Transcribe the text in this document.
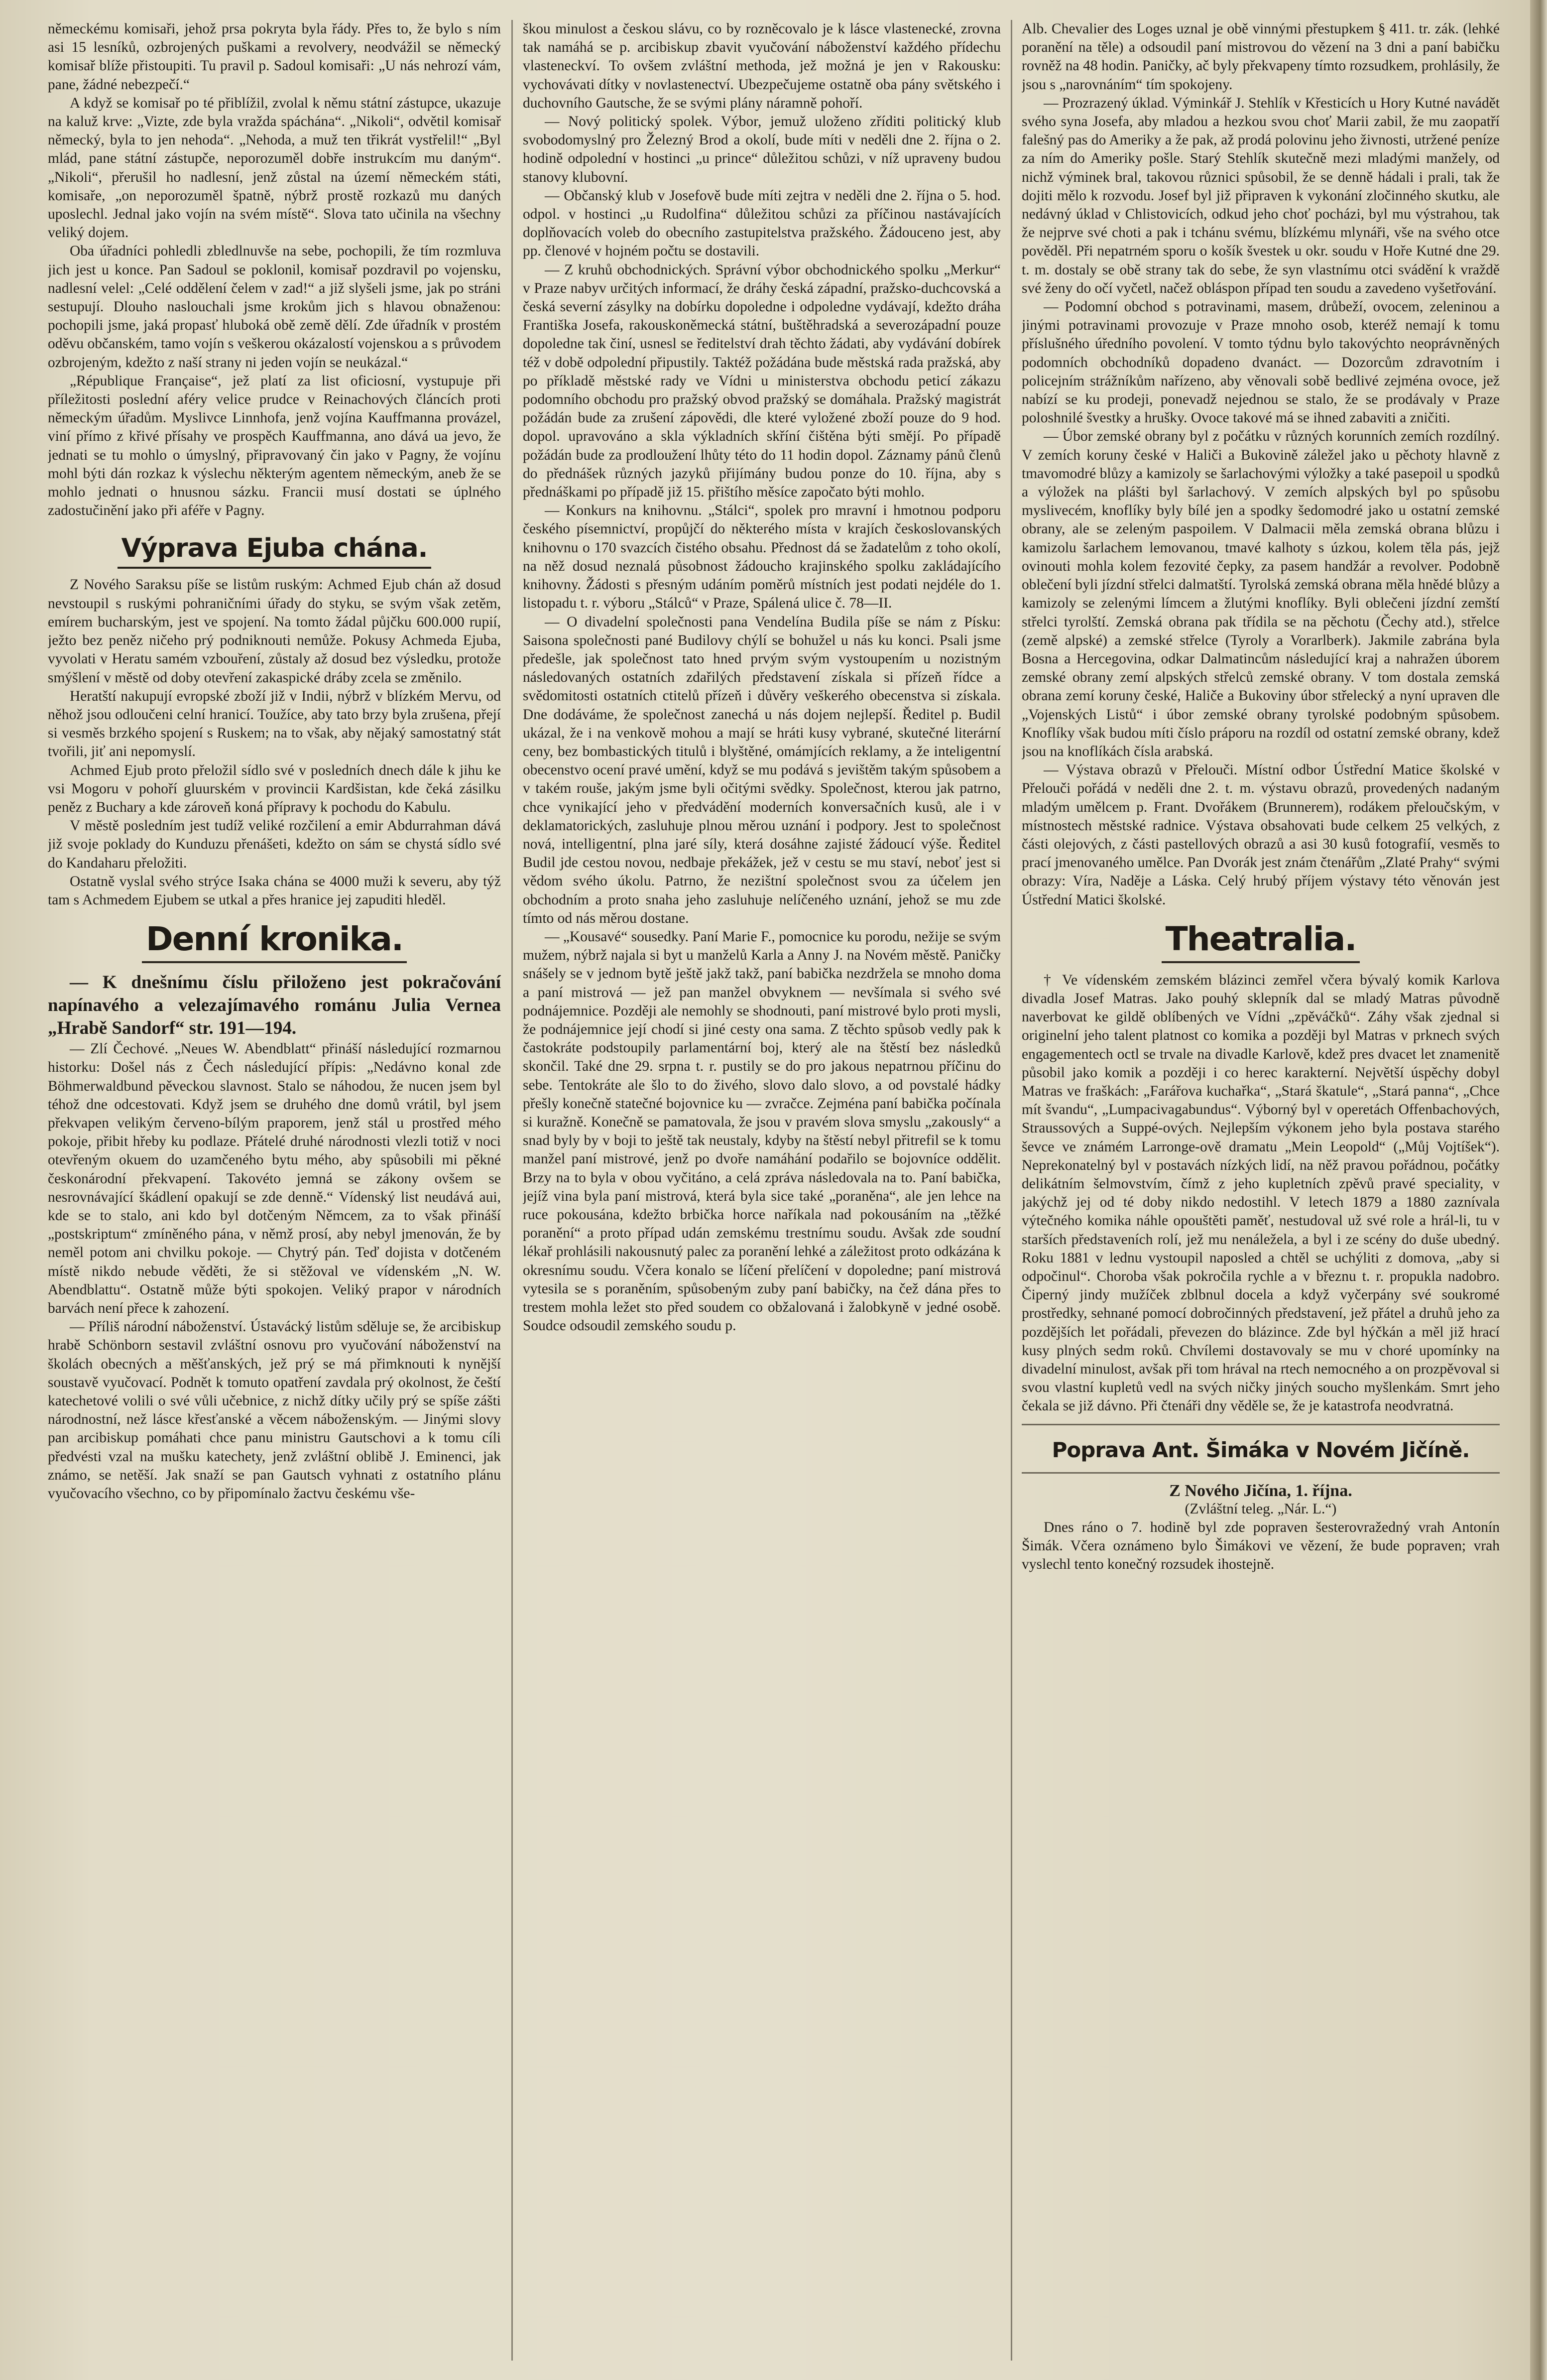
německému komisaři, jehož prsa pokryta byla řády. Přes to, že bylo s ním asi 15 lesníků, ozbrojených puškami a revolvery, neodvážil se německý komisař blíže přistoupiti. Tu pravil p. Sadoul komisaři: „U nás nehrozí vám, pane, žádné nebezpečí.“

A když se komisař po té přiblížil, zvolal k němu státní zástupce, ukazuje na kaluž krve: „Vizte, zde byla vražda spáchána“. „Nikoli“, odvětil komisař německý, byla to jen nehoda“. „Nehoda, a muž ten třikrát vystřelil!“ „Byl mlád, pane státní zástupče, neporozuměl dobře instrukcím mu daným“. „Nikoli“, přerušil ho nadlesní, jenž zůstal na území německém státi, komisaře, „on neporozuměl špatně, nýbrž prostě rozkazů mu daných uposlechl. Jednal jako vojín na svém místě“. Slova tato učinila na všechny veliký dojem.

Oba úřadníci pohledli zbledlnuvše na sebe, pochopili, že tím rozmluva jich jest u konce. Pan Sadoul se poklonil, komisař pozdravil po vojensku, nadlesní velel: „Celé oddělení čelem v zad!“ a již slyšeli jsme, jak po stráni sestupují. Dlouho naslouchali jsme krokům jich s hlavou obnaženou: pochopili jsme, jaká propasť hluboká obě země dělí. Zde úřadník v prostém oděvu občanském, tamo vojín s veškerou okázalostí vojenskou a s průvodem ozbrojeným, kdežto z naší strany ni jeden vojín se neukázal.“

„République Française“, jež platí za list oficiosní, vystupuje při příležitosti poslední aféry velice prudce v Reinachových článcích proti německým úřadům. Myslivce Linnhofa, jenž vojína Kauffmanna provázel, viní přímo z křivé přísahy ve prospěch Kauffmanna, ano dává ua jevo, že jednati se tu mohlo o úmyslný, připravovaný čin jako v Pagny, že vojínu mohl býti dán rozkaz k výslechu některým agentem německým, aneb že se mohlo jednati o hnusnou sázku. Francii musí dostati se úplného zadostučinění jako při aféře v Pagny.

Výprava Ejuba chána.

Z Nového Saraksu píše se listům ruským: Achmed Ejub chán až dosud nevstoupil s ruskými pohraničními úřady do styku, se svým však zetěm, emírem bucharským, jest ve spojení. Na tomto žádal půjčku 600.000 rupií, ježto bez peněz ničeho prý podniknouti nemůže. Pokusy Achmeda Ejuba, vyvolati v Heratu samém vzbouření, zůstaly až dosud bez výsledku, protože smýšlení v městě od doby otevření zakaspické dráby zcela se změnilo.

Heratští nakupují evropské zboží již v Indii, nýbrž v blízkém Mervu, od něhož jsou odloučeni celní hranicí. Toužíce, aby tato brzy byla zrušena, přejí si vesměs brzkého spojení s Ruskem; na to však, aby nějaký samostatný stát tvořili, jiť ani nepomyslí.

Achmed Ejub proto přeložil sídlo své v posledních dnech dále k jihu ke vsi Mogoru v pohoří gluurském v provincii Kardšistan, kde čeká zásilku peněz z Buchary a kde zároveň koná přípravy k pochodu do Kabulu.

V městě posledním jest tudíž veliké rozčilení a emir Abdurrahman dává již svoje poklady do Kunduzu přenášeti, kdežto on sám se chystá sídlo své do Kandaharu přeložiti.

Ostatně vyslal svého strýce Isaka chána se 4000 muži k severu, aby týž tam s Achmedem Ejubem se utkal a přes hranice jej zapuditi hleděl.

Denní kronika.

— K dnešnímu číslu přiloženo jest pokračování napínavého a velezajímavého románu Julia Vernea „Hrabě Sandorf“ str. 191—194.

— Zlí Čechové. „Neues W. Abendblatt“ přináší následující rozmarnou historku: Došel nás z Čech následující přípis: „Nedávno konal zde Böhmerwaldbund pěveckou slavnost. Stalo se náhodou, že nucen jsem byl téhož dne odcestovati. Když jsem se druhého dne domů vrátil, byl jsem překvapen velikým červeno-bílým praporem, jenž stál u prostřed mého pokoje, přibit hřeby ku podlaze. Přátelé druhé národnosti vlezli totiž v noci otevřeným okuem do uzamčeného bytu mého, aby spůsobili mi pěkné českonárodní překvapení. Takovéto jemná se zákony ovšem se nesrovnávající škádlení opakují se zde denně.“ Vídenský list neudává aui, kde se to stalo, ani kdo byl dotčeným Němcem, za to však přináší „postskriptum“ zmíněného pána, v němž prosí, aby nebyl jmenován, že by neměl potom ani chvilku pokoje. — Chytrý pán. Teď dojista v dotčeném místě nikdo nebude věděti, že si stěžoval ve vídenském „N. W. Abendblattu“. Ostatně může býti spokojen. Veliký prapor v národních barvách není přece k zahození.

— Příliš národní náboženství. Ústavácký listům sděluje se, že arcibiskup hrabě Schönborn sestavil zvláštní osnovu pro vyučování náboženství na školách obecných a měšťanských, jež prý se má přimknouti k nynější soustavě vyučovací. Podnět k tomuto opatření zavdala prý okolnost, že čeští katechetové volili o své vůli učebnice, z nichž dítky učily prý se spíše zášti národnostní, než lásce křesťanské a věcem náboženským. — Jinými slovy pan arcibiskup pomáhati chce panu ministru Gautschovi a k tomu cíli předvésti vzal na mušku katechety, jenž zvláštní oblibě J. Eminenci, jak známo, se netěší. Jak snaží se pan Gautsch vyhnati z ostatního plánu vyučovacího všechno, co by připomínalo žactvu českému vše-

škou minulost a českou slávu, co by rozněcovalo je k lásce vlastenecké, zrovna tak namáhá se p. arcibiskup zbavit vyučování náboženství každého přídechu vlasteneckví. To ovšem zvláštní methoda, jež možná je jen v Rakousku: vychovávati dítky v novlastenectví. Ubezpečujeme ostatně oba pány světského i duchovního Gautsche, že se svými plány náramně pohoří.

— Nový politický spolek. Výbor, jemuž uloženo zříditi politický klub svobodomyslný pro Železný Brod a okolí, bude míti v neděli dne 2. října o 2. hodině odpolední v hostinci „u prince“ důležitou schůzi, v níž upraveny budou stanovy klubovní.

— Občanský klub v Josefově bude míti zejtra v neděli dne 2. října o 5. hod. odpol. v hostinci „u Rudolfina“ důležitou schůzi za příčinou nastávajících doplňovacích voleb do obecního zastupitelstva pražského. Žádouceno jest, aby pp. členové v hojném počtu se dostavili.

— Z kruhů obchodnických. Správní výbor obchodnického spolku „Merkur“ v Praze nabyv určitých informací, že dráhy česká západní, pražsko-duchcovská a česká severní zásylky na dobírku dopoledne i odpoledne vydávají, kdežto dráha Františka Josefa, rakouskoněmecká státní, buštěhradská a severozápadní pouze dopoledne tak činí, usnesl se ředitelství drah těchto žádati, aby vydávání dobírek též v době odpolední připustily. Taktéž požádána bude městská rada pražská, aby po příkladě městské rady ve Vídni u ministerstva obchodu peticí zákazu podomního obchodu pro pražský obvod pražský se domáhala. Pražský magistrát požádán bude za zrušení zápovědi, dle které vyložené zboží pouze do 9 hod. dopol. upravováno a skla výkladních skříní čištěna býti smějí. Po případě požádán bude za prodloužení lhůty této do 11 hodin dopol. Záznamy pánů členů do přednášek různých jazyků přijímány budou ponze do 10. října, aby s přednáškami po případě již 15. přištího měsíce započato býti mohlo.

— Konkurs na knihovnu. „Stálci“, spolek pro mravní i hmotnou podporu českého písemnictví, propůjčí do některého místa v krajích českoslovanských knihovnu o 170 svazcích čistého obsahu. Přednost dá se žadatelům z toho okolí, na něž dosud neznalá působnost žádoucho krajinského spolku zakládajícího knihovny. Žádosti s přesným udáním poměrů místních jest podati nejdéle do 1. listopadu t. r. výboru „Stálců“ v Praze, Spálená ulice č. 78—II.

— O divadelní společnosti pana Vendelína Budila píše se nám z Písku: Saisona společnosti pané Budilovy chýlí se bohužel u nás ku konci. Psali jsme předešle, jak společnost tato hned prvým svým vystoupením u nozistným následovaných ostatních zdařilých představení získala si přízeň řídce a svědomitosti ostatních ctitelů přízeň i důvěry veškerého obecenstva si získala. Dne dodáváme, že společnost zanechá u nás dojem nejlepší. Ředitel p. Budil ukázal, že i na venkově mohou a mají se hráti kusy vybrané, skutečné literární ceny, bez bombastických titulů i blyštěné, omámjících reklamy, a že inteligentní obecenstvo ocení pravé umění, když se mu podává s jevištěm takým spůsobem a v takém rouše, jakým jsme byli očitými svědky. Společnost, kterou jak patrno, chce vynikající jeho v předvádění moderních konversačních kusů, ale i v deklamatorických, zasluhuje plnou měrou uznání i podpory. Jest to společnost nová, intelligentní, plna jaré síly, která dosáhne zajisté žádoucí výše. Ředitel Budil jde cestou novou, nedbaje překážek, jež v cestu se mu staví, neboť jest si vědom svého úkolu. Patrno, že nezištní společnost svou za účelem jen obchodním a proto snaha jeho zasluhuje nelíčeného uznání, jehož se mu zde tímto od nás měrou dostane.

— „Kousavé“ sousedky. Paní Marie F., pomocnice ku porodu, nežije se svým mužem, nýbrž najala si byt u manželů Karla a Anny J. na Novém městě. Paničky snášely se v jednom bytě ještě jakž takž, paní babička nezdržela se mnoho doma a paní mistrová — jež pan manžel obvyknem — nevšímala si svého své podnájemnice. Později ale nemohly se shodnouti, paní mistrové bylo proti mysli, že podnájemnice její chodí si jiné cesty ona sama. Z těchto spůsob vedly pak k častokráte podstoupily parlamentární boj, který ale na štěstí bez následků skončil. Také dne 29. srpna t. r. pustily se do pro jakous nepatrnou příčinu do sebe. Tentokráte ale šlo to do živého, slovo dalo slovo, a od povstalé hádky přešly konečně statečné bojovnice ku — zvračce. Zejména paní babička počínala si kuražně. Konečně se pamatovala, že jsou v pravém slova smyslu „zakously“ a snad byly by v boji to ještě tak neustaly, kdyby na štěstí nebyl přitrefil se k tomu manžel paní mistrové, jenž po dvoře namáhání podařilo se bojovníce oddělit. Brzy na to byla v obou vyčitáno, a celá zpráva následovala na to. Paní babička, jejíž vina byla paní mistrová, která byla sice také „poraněna“, ale jen lehce na ruce pokousána, kdežto brbička horce naříkala nad pokousáním na „těžké poranění“ a proto případ udán zemskému trestnímu soudu. Avšak zde soudní lékař prohlásili nakousnutý palec za poranění lehké a záležitost proto odkázána k okresnímu soudu. Včera konalo se líčení přelíčení v dopoledne; paní mistrová vytesila se s poraněním, spůsobeným zuby paní babičky, na čež dána přes to trestem mohla ležet sto před soudem co obžalovaná i žalobkyně v jedné osobě. Soudce odsoudil zemského soudu p.

Alb. Chevalier des Loges uznal je obě vinnými přestupkem § 411. tr. zák. (lehké poranění na těle) a odsoudil paní mistrovou do vězení na 3 dni a paní babičku rovněž na 48 hodin. Paničky, ač byly překvapeny tímto rozsudkem, prohlásily, že jsou s „narovnáním“ tím spokojeny.

— Prozrazený úklad. Výminkář J. Stehlík v Křesticích u Hory Kutné navádět svého syna Josefa, aby mladou a hezkou svou choť Marii zabil, že mu zaopatří falešný pas do Ameriky a že pak, až prodá polovinu jeho živnosti, utržené peníze za ním do Ameriky pošle. Starý Stehlík skutečně mezi mladými manžely, od nichž výminek bral, takovou různici spůsobil, že se denně hádali i prali, tak že dojiti mělo k rozvodu. Josef byl již připraven k vykonání zločinného skutku, ale nedávný úklad v Chlistovicích, odkud jeho choť pocházi, byl mu výstrahou, tak že nejprve své choti a pak i tchánu svému, blízkému mlynáři, vše na svého otce pověděl. Při nepatrném sporu o košík švestek u okr. soudu v Hoře Kutné dne 29. t. m. dostaly se obě strany tak do sebe, že syn vlastnímu otci svádění k vraždě své ženy do očí vyčetl, načež obláspon případ ten soudu a zavedeno vyšetřování.

— Podomní obchod s potravinami, masem, drůbeží, ovocem, zeleninou a jinými potravinami provozuje v Praze mnoho osob, kteréž nemají k tomu příslušného úředního povolení. V tomto týdnu bylo takovýchto neoprávněných podomních obchodníků dopadeno dvanáct. — Dozorcům zdravotním i policejním strážníkům nařízeno, aby věnovali sobě bedlivé zejména ovoce, jež nabízí se ku prodeji, ponevadž nejednou se stalo, že se prodávaly v Praze poloshnilé švestky a hrušky. Ovoce takové má se ihned zabaviti a zničiti.

— Úbor zemské obrany byl z počátku v různých korunních zemích rozdílný. V zemích koruny české v Haliči a Bukovině záležel jako u pěchoty hlavně z tmavomodré blůzy a kamizoly se šarlachovými výložky a také pasepoil u spodků a výložek na plášti byl šarlachový. V zemích alpských byl po spůsobu myslivecém, knoflíky byly bílé jen a spodky šedomodré jako u ostatní zemské obrany, ale se zeleným paspoilem. V Dalmacii měla zemská obrana blůzu i kamizolu šarlachem lemovanou, tmavé kalhoty s úzkou, kolem těla pás, jejž ovinouti mohla kolem fezovité čepky, za pasem handžár a revolver. Podobně oblečení byli jízdní střelci dalmatští. Tyrolská zemská obrana měla hnědé blůzy a kamizoly se zelenými límcem a žlutými knoflíky. Byli oblečeni jízdní zemští střelci tyrolští. Zemská obrana pak třídila se na pěchotu (Čechy atd.), střelce (země alpské) a zemské střelce (Tyroly a Vorarlberk). Jakmile zabrána byla Bosna a Hercegovina, odkar Dalmatincům následující kraj a nahražen úborem zemské obrany zemí alpských střelců zemské obrany. V tom dostala zemská obrana zemí koruny české, Haliče a Bukoviny úbor střelecký a nyní upraven dle „Vojenských Listů“ i úbor zemské obrany tyrolské podobným spůsobem. Knoflíky však budou míti číslo práporu na rozdíl od ostatní zemské obrany, kdež jsou na knoflíkách čísla arabská.

— Výstava obrazů v Přelouči. Místní odbor Ústřední Matice školské v Přelouči pořádá v neděli dne 2. t. m. výstavu obrazů, provedených nadaným mladým umělcem p. Frant. Dvořákem (Brunnerem), rodákem přeloučským, v místnostech městské radnice. Výstava obsahovati bude celkem 25 velkých, z části olejových, z části pastellových obrazů a asi 30 kusů fotografií, vesměs to prací jmenovaného umělce. Pan Dvorák jest znám čtenářům „Zlaté Prahy“ svými obrazy: Víra, Naděje a Láska. Celý hrubý příjem výstavy této věnován jest Ústřední Matici školské.

Theatralia.

† Ve vídenském zemském blázinci zemřel včera bývalý komik Karlova divadla Josef Matras. Jako pouhý sklepník dal se mladý Matras původně naverbovat ke gildě oblíbených ve Vídni „zpěváčků“. Záhy však zjednal si originelní jeho talent platnost co komika a později byl Matras v prknech svých engagementech octl se trvale na divadle Karlově, kdež pres dvacet let znamenitě působil jako komik a později i co herec karakterní. Největší úspěchy dobyl Matras ve fraškách: „Farářova kuchařka“, „Stará škatule“, „Stará panna“, „Chce mít švandu“, „Lumpacivagabundus“. Výborný byl v operetách Offenbachových, Straussových a Suppé-ových. Nejlepším výkonem jeho byla postava starého ševce ve známém Larronge-ově dramatu „Mein Leopold“ („Můj Vojtíšek“). Neprekonatelný byl v postavách nízkých lidí, na něž pravou pořádnou, počátky delikátním šelmovstvím, čímž z jeho kupletních zpěvů pravé speciality, v jakýchž jej od té doby nikdo nedostihl. V letech 1879 a 1880 zaznívala výtečného komika náhle opouštěti paměť, nestudoval už své role a hrál-li, tu v starších představeních rolí, jež mu nenáležela, a byl i ze scény do duše ubedný. Roku 1881 v lednu vystoupil naposled a chtěl se uchýliti z domova, „aby si odpočinul“. Choroba však pokročila rychle a v březnu t. r. propukla nadobro. Čiperný jindy mužíček zblbnul docela a když vyčerpány své soukromé prostředky, sehnané pomocí dobročinných představení, jež přátel a druhů jeho za pozdějších let pořádali, převezen do blázince. Zde byl hýčkán a měl již hrací kusy plných sedm roků. Chvílemi dostavovaly se mu v choré upomínky na divadelní minulost, avšak při tom hrával na rtech nemocného a on prozpěvoval si svou vlastní kupletů vedl na svých ničky jiných soucho myšlenkám. Smrt jeho čekala se již dávno. Při čtenáři dny věděle se, že je katastrofa neodvratná.

Poprava Ant. Šimáka v Novém Jičíně.

Z Nového Jičína, 1. října.

(Zvláštní teleg. „Nár. L.“)

Dnes ráno o 7. hodině byl zde popraven šesterovražedný vrah Antonín Šimák. Včera oznámeno bylo Šimákovi ve vězení, že bude popraven; vrah vyslechl tento konečný rozsudek ihostejně.
